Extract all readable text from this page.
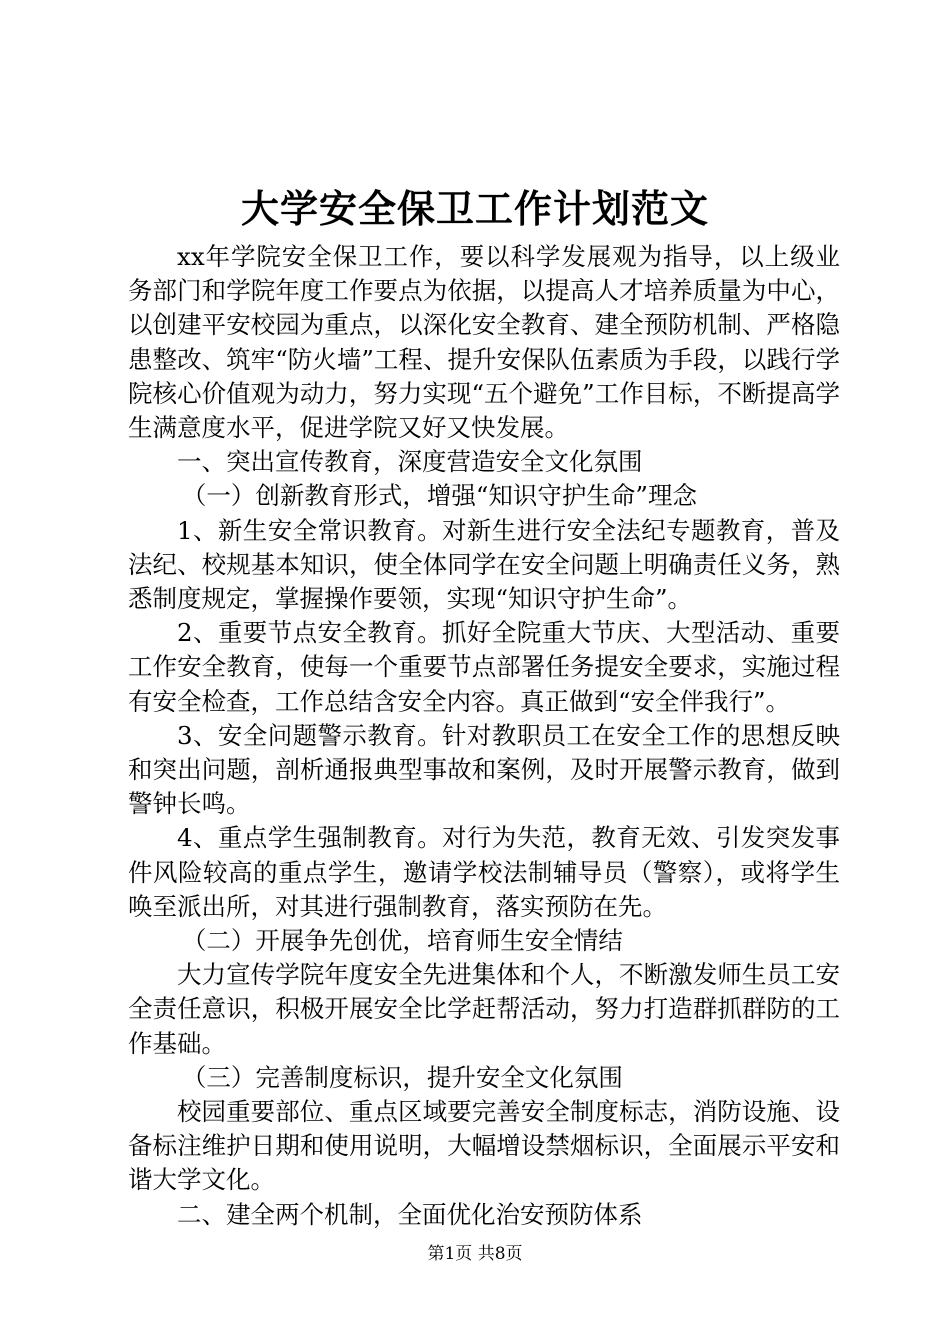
大学安全保卫工作计划范文

xx年学院安全保卫工作，要以科学发展观为指导，以上级业务部门和学院年度工作要点为依据，以提高人才培养质量为中心，以创建平安校园为重点，以深化安全教育、建全预防机制、严格隐患整改、筑牢“防火墙”工程、提升安保队伍素质为手段，以践行学院核心价值观为动力，努力实现“五个避免”工作目标，不断提高学生满意度水平，促进学院又好又快发展。

一、突出宣传教育，深度营造安全文化氛围

（一）创新教育形式，增强“知识守护生命”理念

1、新生安全常识教育。对新生进行安全法纪专题教育，普及法纪、校规基本知识，使全体同学在安全问题上明确责任义务，熟悉制度规定，掌握操作要领，实现“知识守护生命”。

2、重要节点安全教育。抓好全院重大节庆、大型活动、重要工作安全教育，使每一个重要节点部署任务提安全要求，实施过程有安全检查，工作总结含安全内容。真正做到“安全伴我行”。

3、安全问题警示教育。针对教职员工在安全工作的思想反映和突出问题，剖析通报典型事故和案例，及时开展警示教育，做到警钟长鸣。

4、重点学生强制教育。对行为失范，教育无效、引发突发事件风险较高的重点学生，邀请学校法制辅导员（警察），或将学生唤至派出所，对其进行强制教育，落实预防在先。

（二）开展争先创优，培育师生安全情结

大力宣传学院年度安全先进集体和个人，不断激发师生员工安全责任意识，积极开展安全比学赶帮活动，努力打造群抓群防的工作基础。

（三）完善制度标识，提升安全文化氛围

校园重要部位、重点区域要完善安全制度标志，消防设施、设备标注维护日期和使用说明，大幅增设禁烟标识，全面展示平安和谐大学文化。

二、建全两个机制，全面优化治安预防体系

第1页 共8页
